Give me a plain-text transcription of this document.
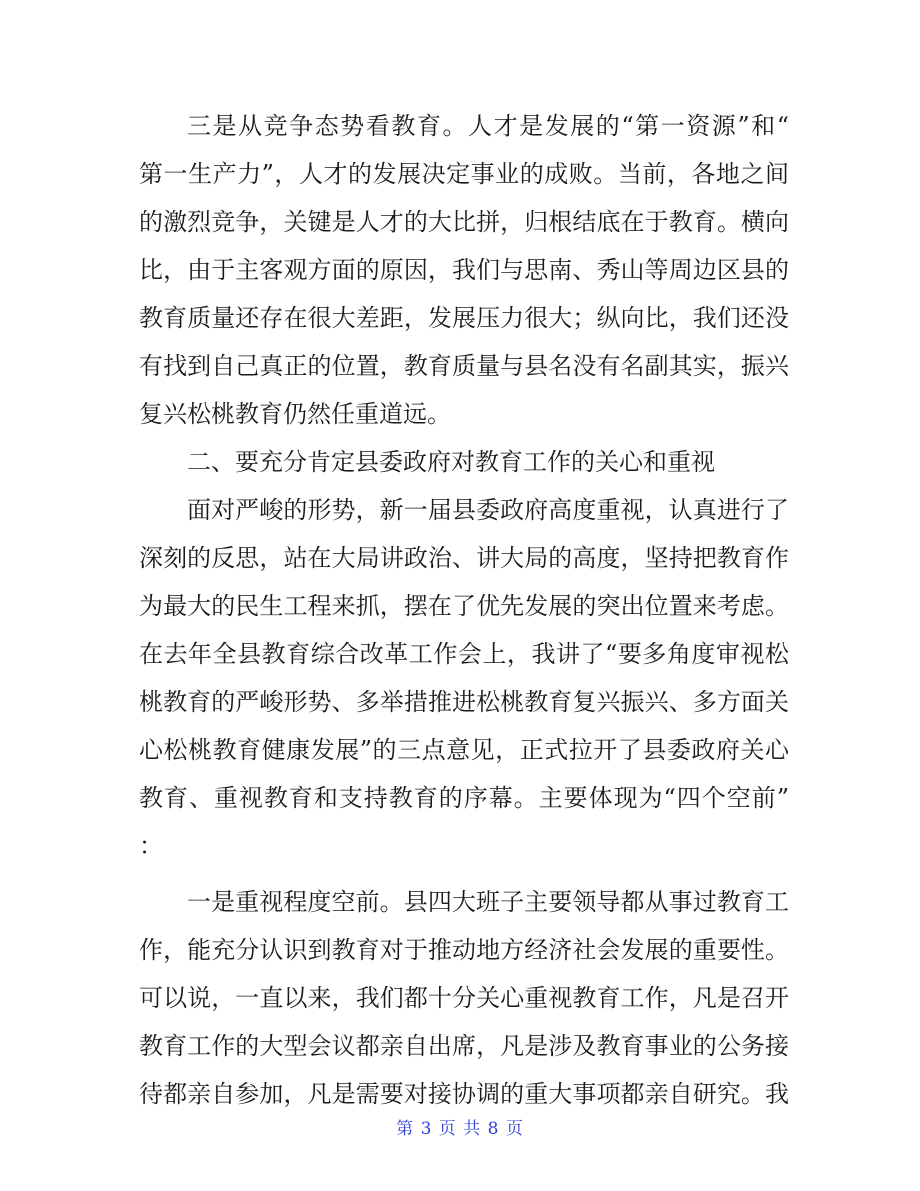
三是从竞争态势看教育。人才是发展的“第一资源”和“
第一生产力”，人才的发展决定事业的成败。当前，各地之间
的激烈竞争，关键是人才的大比拼，归根结底在于教育。横向
比，由于主客观方面的原因，我们与思南、秀山等周边区县的
教育质量还存在很大差距，发展压力很大；纵向比，我们还没
有找到自己真正的位置，教育质量与县名没有名副其实，振兴
复兴松桃教育仍然任重道远。
二、要充分肯定县委政府对教育工作的关心和重视
面对严峻的形势，新一届县委政府高度重视，认真进行了
深刻的反思，站在大局讲政治、讲大局的高度，坚持把教育作
为最大的民生工程来抓，摆在了优先发展的突出位置来考虑。
在去年全县教育综合改革工作会上，我讲了“要多角度审视松
桃教育的严峻形势、多举措推进松桃教育复兴振兴、多方面关
心松桃教育健康发展”的三点意见，正式拉开了县委政府关心
教育、重视教育和支持教育的序幕。主要体现为“四个空前”
：
一是重视程度空前。县四大班子主要领导都从事过教育工
作，能充分认识到教育对于推动地方经济社会发展的重要性。
可以说，一直以来，我们都十分关心重视教育工作，凡是召开
教育工作的大型会议都亲自出席，凡是涉及教育事业的公务接
待都亲自参加，凡是需要对接协调的重大事项都亲自研究。我
第 3 页 共 8 页
